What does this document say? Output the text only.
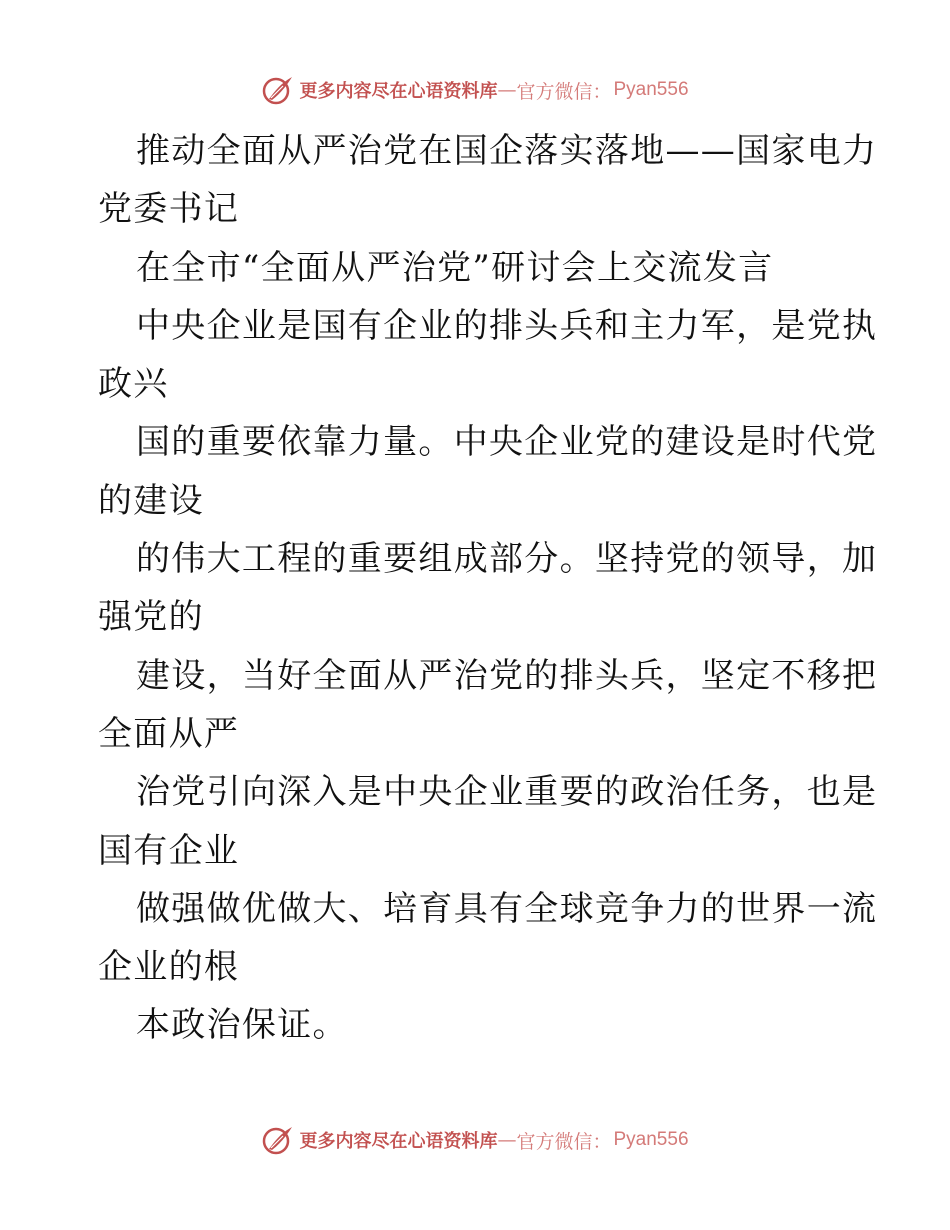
更多内容尽在心语资料库 — 官方微信： Pyan556
推动全面从严治党在国企落实落地——国家电力
党委书记
在全市“全面从严治党”研讨会上交流发言
中央企业是国有企业的排头兵和主力军，是党执
政兴
国的重要依靠力量。中央企业党的建设是时代党
的建设
的伟大工程的重要组成部分。坚持党的领导，加
强党的
建设，当好全面从严治党的排头兵，坚定不移把
全面从严
治党引向深入是中央企业重要的政治任务，也是
国有企业
做强做优做大、培育具有全球竞争力的世界一流
企业的根
本政治保证。
更多内容尽在心语资料库 — 官方微信： Pyan556
